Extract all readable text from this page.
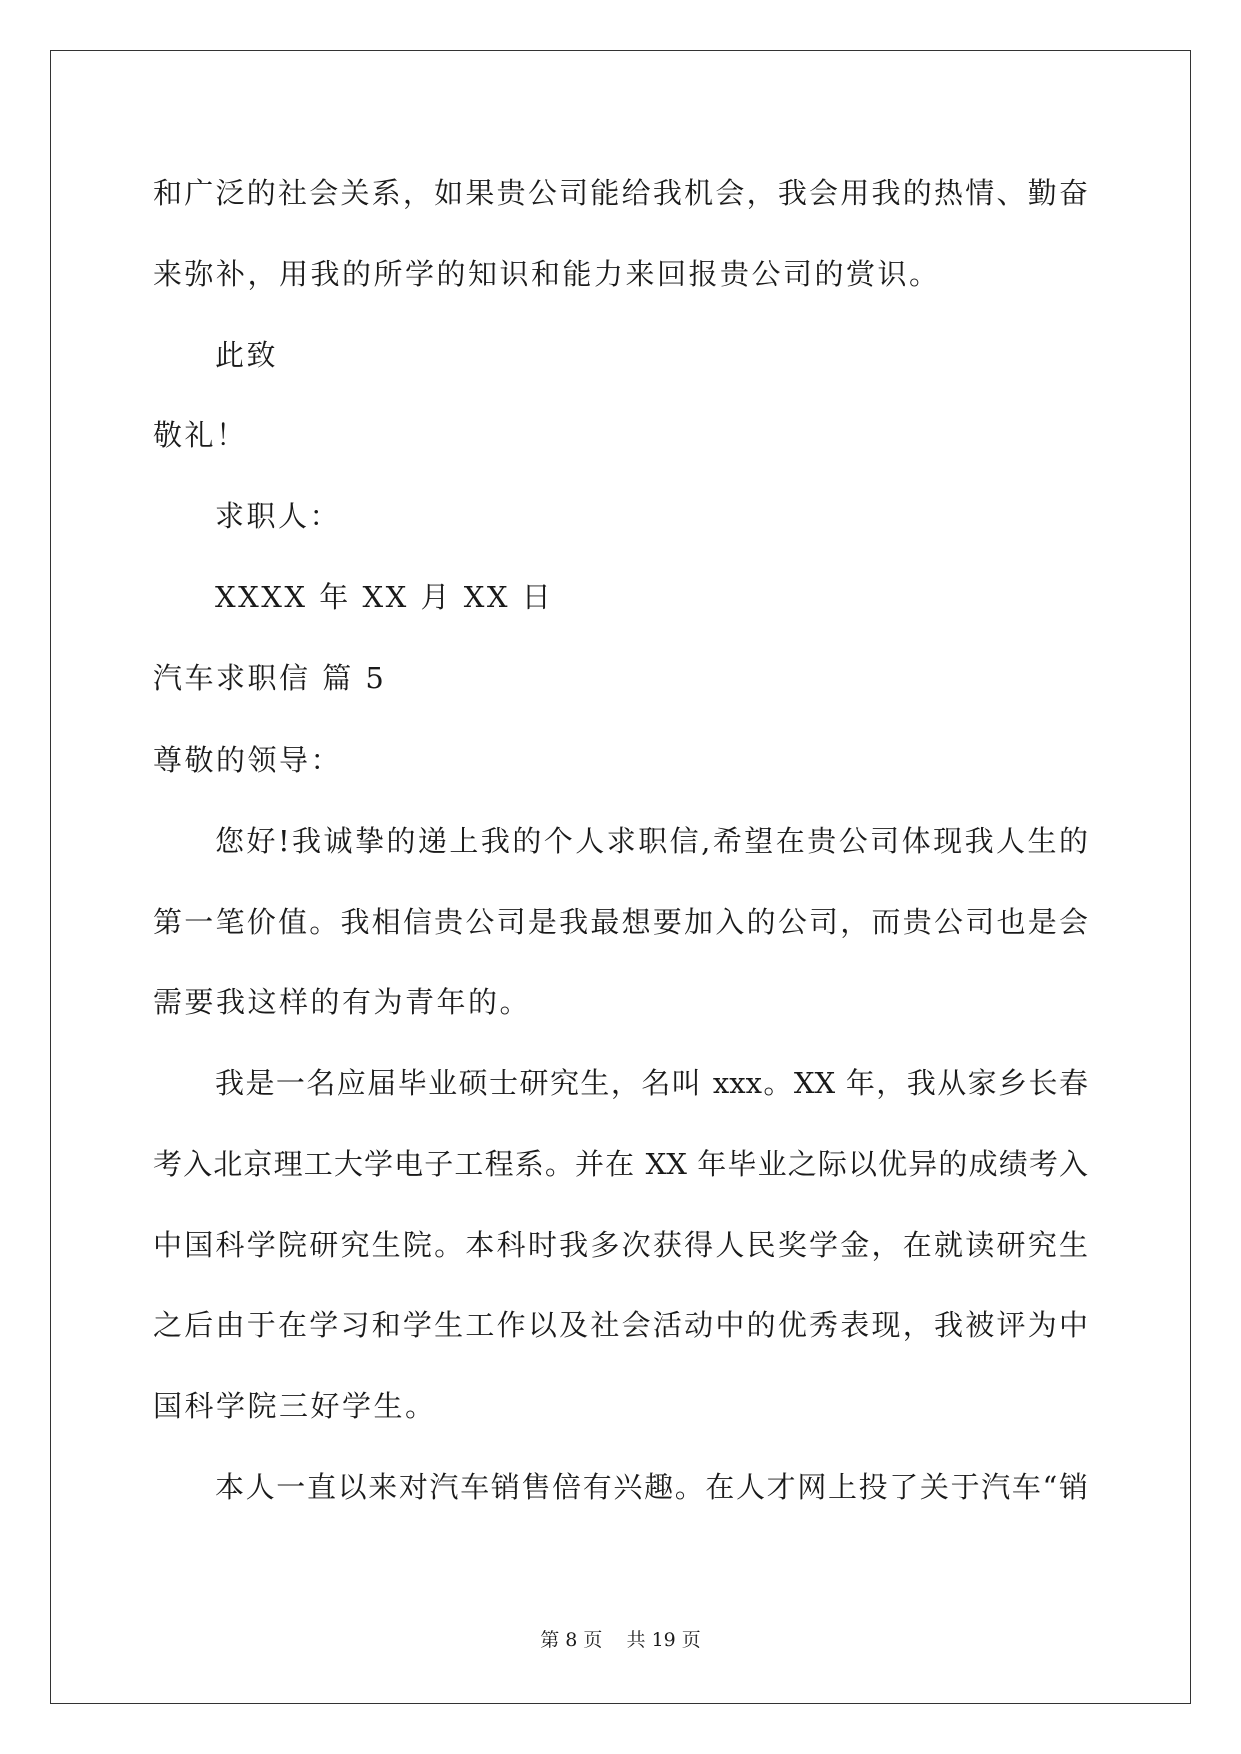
和广泛的社会关系，如果贵公司能给我机会，我会用我的热情、勤奋
来弥补，用我的所学的知识和能力来回报贵公司的赏识。
此致
敬礼！
求职人：
XXXX 年 XX 月 XX 日
汽车求职信 篇 5
尊敬的领导：
您好!我诚挚的递上我的个人求职信,希望在贵公司体现我人生的
第一笔价值。我相信贵公司是我最想要加入的公司，而贵公司也是会
需要我这样的有为青年的。
我是一名应届毕业硕士研究生，名叫 xxx。XX 年，我从家乡长春
考入北京理工大学电子工程系。并在 XX 年毕业之际以优异的成绩考入
中国科学院研究生院。本科时我多次获得人民奖学金，在就读研究生
之后由于在学习和学生工作以及社会活动中的优秀表现，我被评为中
国科学院三好学生。
本人一直以来对汽车销售倍有兴趣。在人才网上投了关于汽车“销
第 8 页    共 19 页
